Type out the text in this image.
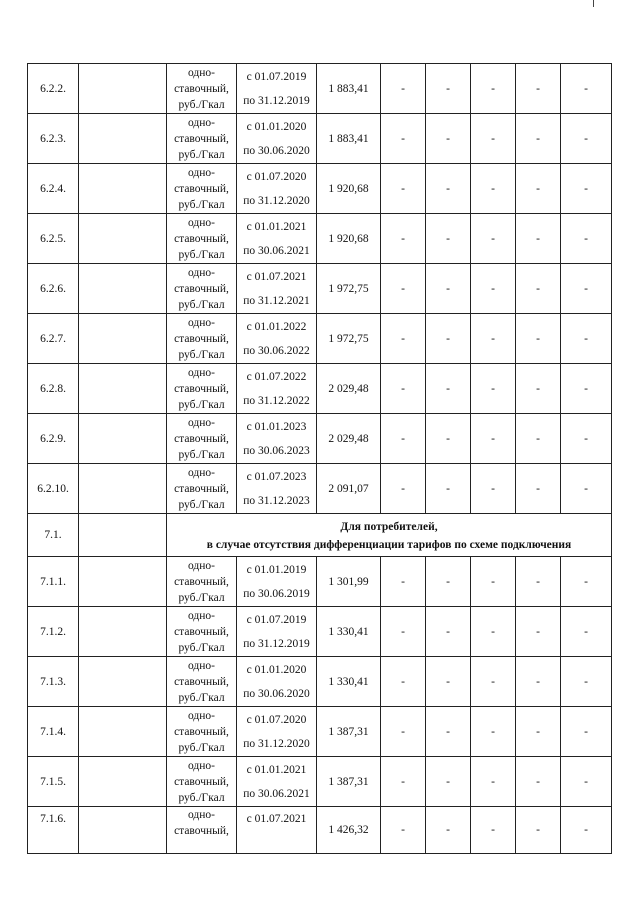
6.2.2.		одно-
ставочный,
руб./Гкал	с 01.07.2019
по 31.12.2019	1 883,41	-	-	-	-	-
6.2.3.		одно-
ставочный,
руб./Гкал	с 01.01.2020
по 30.06.2020	1 883,41	-	-	-	-	-
6.2.4.		одно-
ставочный,
руб./Гкал	с 01.07.2020
по 31.12.2020	1 920,68	-	-	-	-	-
6.2.5.		одно-
ставочный,
руб./Гкал	с 01.01.2021
по 30.06.2021	1 920,68	-	-	-	-	-
6.2.6.		одно-
ставочный,
руб./Гкал	с 01.07.2021
по 31.12.2021	1 972,75	-	-	-	-	-
6.2.7.		одно-
ставочный,
руб./Гкал	с 01.01.2022
по 30.06.2022	1 972,75	-	-	-	-	-
6.2.8.		одно-
ставочный,
руб./Гкал	с 01.07.2022
по 31.12.2022	2 029,48	-	-	-	-	-
6.2.9.		одно-
ставочный,
руб./Гкал	с 01.01.2023
по 30.06.2023	2 029,48	-	-	-	-	-
6.2.10.		одно-
ставочный,
руб./Гкал	с 01.07.2023
по 31.12.2023	2 091,07	-	-	-	-	-
7.1.		Для потребителей,
в случае отсутствия дифференциации тарифов по схеме подключения							
7.1.1.		одно-
ставочный,
руб./Гкал	с 01.01.2019
по 30.06.2019	1 301,99	-	-	-	-	-
7.1.2.		одно-
ставочный,
руб./Гкал	с 01.07.2019
по 31.12.2019	1 330,41	-	-	-	-	-
7.1.3.		одно-
ставочный,
руб./Гкал	с 01.01.2020
по 30.06.2020	1 330,41	-	-	-	-	-
7.1.4.		одно-
ставочный,
руб./Гкал	с 01.07.2020
по 31.12.2020	1 387,31	-	-	-	-	-
7.1.5.		одно-
ставочный,
руб./Гкал	с 01.01.2021
по 30.06.2021	1 387,31	-	-	-	-	-
7.1.6.		одно-
ставочный,	с 01.07.2021	1 426,32	-	-	-	-	-
